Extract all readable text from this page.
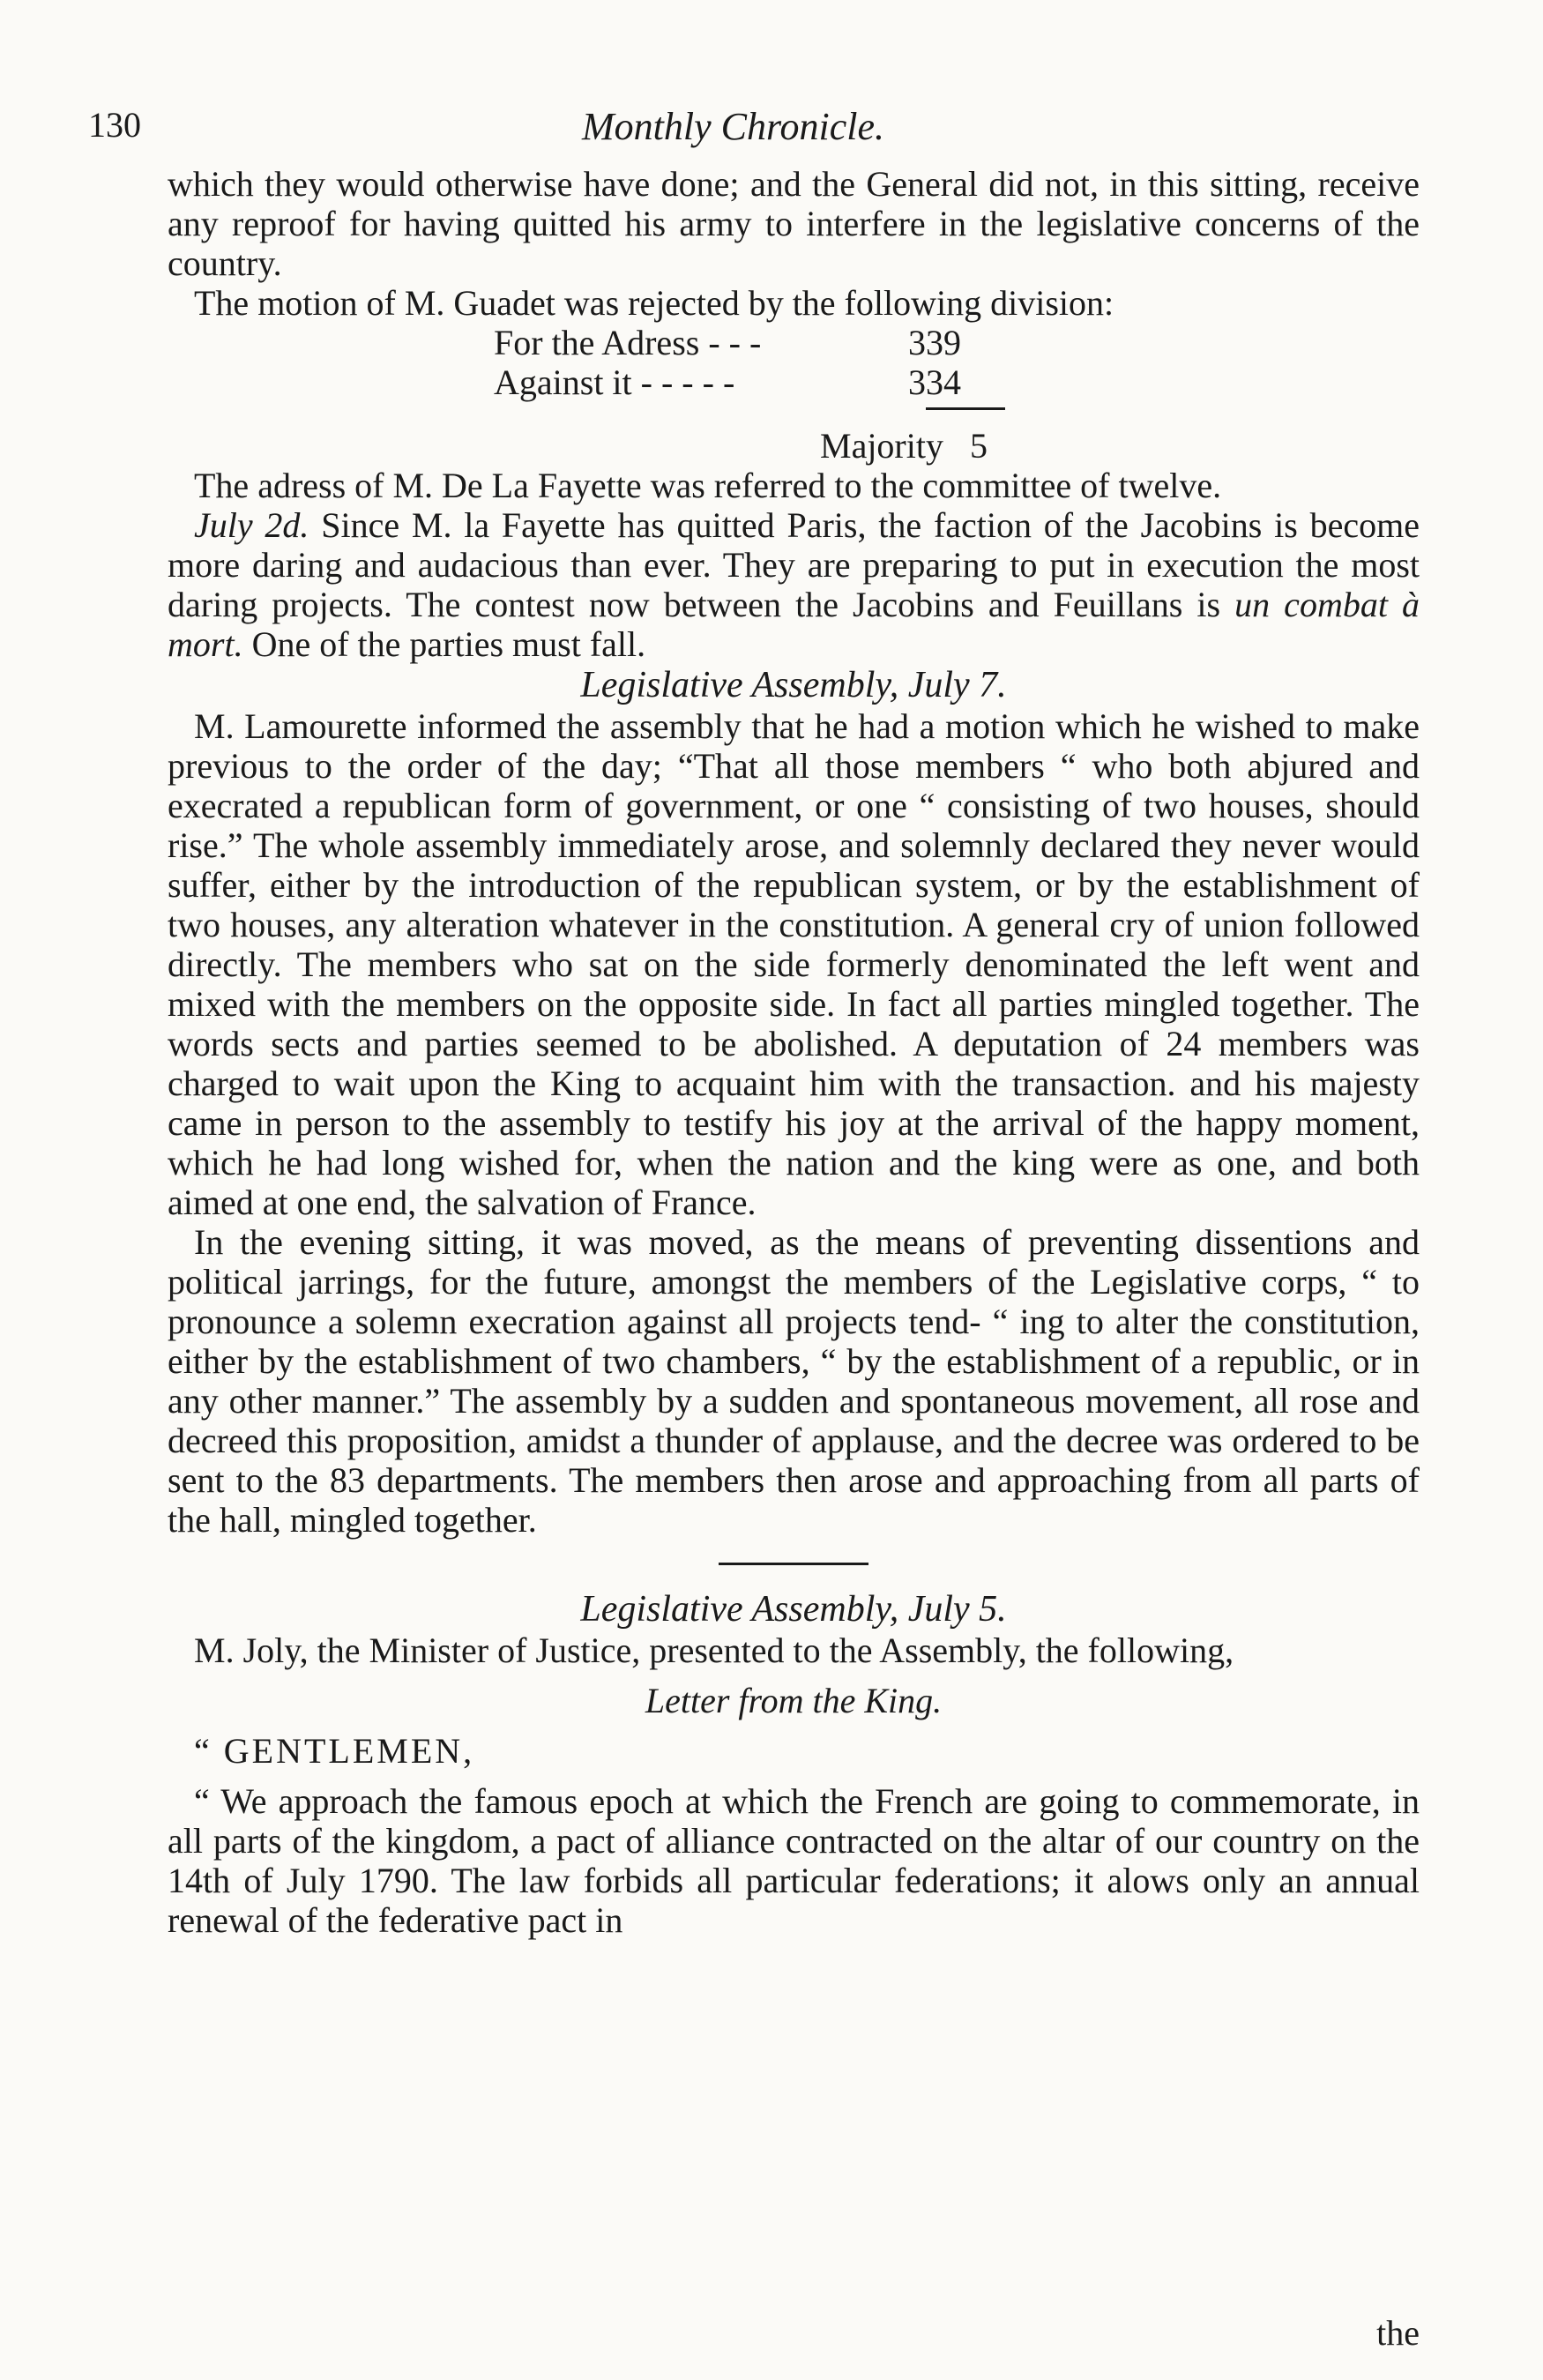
130	Monthly Chronicle.

which they would otherwise have done; and the General did not, in this sitting, receive any reproof for having quitted his army to interfere in the legislative concerns of the country.

The motion of M. Guadet was rejected by the following division:

For the Adress - - -	339
Against it - - - - -	334
Majority 5

The adress of M. De La Fayette was referred to the committee of twelve.

July 2d. Since M. la Fayette has quitted Paris, the faction of the Jacobins is become more daring and audacious than ever. They are preparing to put in execution the most daring projects. The contest now between the Jacobins and Feuillans is un combat à mort. One of the parties must fall.

Legislative Assembly, July 7.

M. Lamourette informed the assembly that he had a motion which he wished to make previous to the order of the day; “That all those members “ who both abjured and execrated a republican form of government, or one “ consisting of two houses, should rise.” The whole assembly immediately arose, and solemnly declared they never would suffer, either by the introduction of the republican system, or by the establishment of two houses, any alteration whatever in the constitution. A general cry of union followed directly. The members who sat on the side formerly denominated the left went and mixed with the members on the opposite side. In fact all parties mingled together. The words sects and parties seemed to be abolished. A deputation of 24 members was charged to wait upon the King to acquaint him with the transaction. and his majesty came in person to the assembly to testify his joy at the arrival of the happy moment, which he had long wished for, when the nation and the king were as one, and both aimed at one end, the salvation of France.

In the evening sitting, it was moved, as the means of preventing dissentions and political jarrings, for the future, amongst the members of the Legislative corps, “ to pronounce a solemn execration against all projects tend- “ ing to alter the constitution, either by the establishment of two chambers, “ by the establishment of a republic, or in any other manner.” The assembly by a sudden and spontaneous movement, all rose and decreed this proposition, amidst a thunder of applause, and the decree was ordered to be sent to the 83 departments. The members then arose and approaching from all parts of the hall, mingled together.

Legislative Assembly, July 5.

M. Joly, the Minister of Justice, presented to the Assembly, the following,

Letter from the King.

“ GENTLEMEN,

“ We approach the famous epoch at which the French are going to commemorate, in all parts of the kingdom, a pact of alliance contracted on the altar of our country on the 14th of July 1790. The law forbids all particular federations; it alows only an annual renewal of the federative pact in

the
